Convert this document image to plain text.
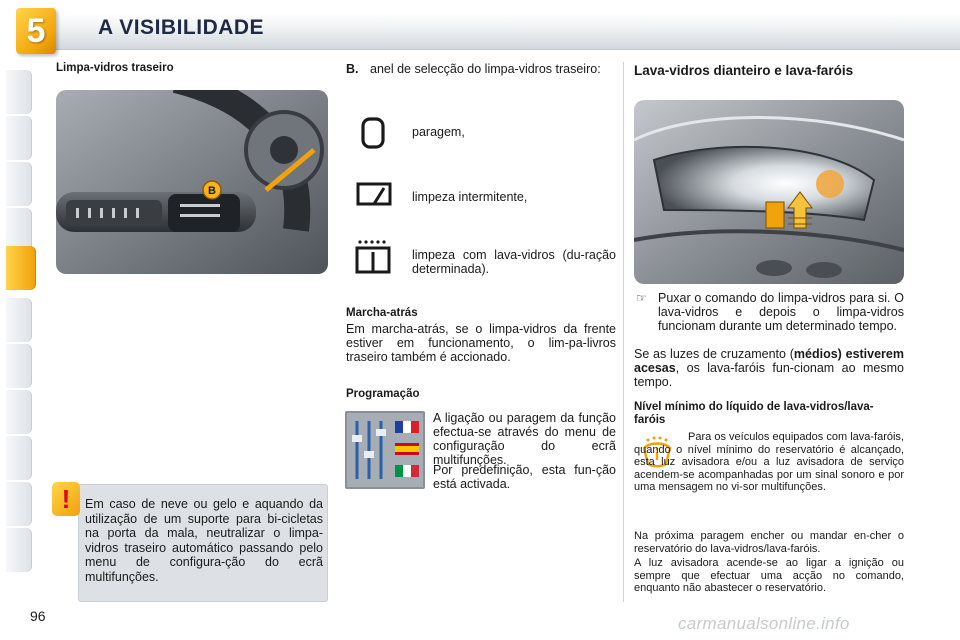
5	A VISIBILIDADE
Limpa-vidros traseiro
B
Em caso de neve ou gelo e aquando da utilização de um suporte para bi-cicletas na porta da mala, neutralizar o limpa-vidros traseiro automático passando pelo menu de configura-ção do ecrã multifunções.
!
B. anel de selecção do limpa-vidros traseiro:
paragem,
limpeza intermitente,
limpeza com lava-vidros (du-ração determinada).
Marcha-atrás
Em marcha-atrás, se o limpa-vidros da frente estiver em funcionamento, o lim-pa-livros traseiro também é accionado.
Programação
A ligação ou paragem da função efectua-se através do menu de configuração do ecrã multifunções.
Por predefinição, esta fun-ção está activada.
Lava-vidros dianteiro e lava-faróis
☞ Puxar o comando do limpa-vidros para si. O lava-vidros e depois o limpa-vidros funcionam durante um determinado tempo.
Se as luzes de cruzamento (médios) estiverem acesas, os lava-faróis fun-cionam ao mesmo tempo.
Nível mínimo do líquido de lava-vidros/lava-faróis
Para os veículos equipados com lava-faróis, quando o nível mínimo do reservatório é alcançado, esta luz avisadora e/ou a luz avisadora de serviço acendem-se acompanhadas por um sinal sonoro e por uma mensagem no vi-sor multifunções.
Na próxima paragem encher ou mandar en-cher o reservatório do lava-vidros/lava-faróis.
A luz avisadora acende-se ao ligar a ignição ou sempre que efectuar uma acção no comando, enquanto não abastecer o reservatório.
96	carmanualsonline.info
